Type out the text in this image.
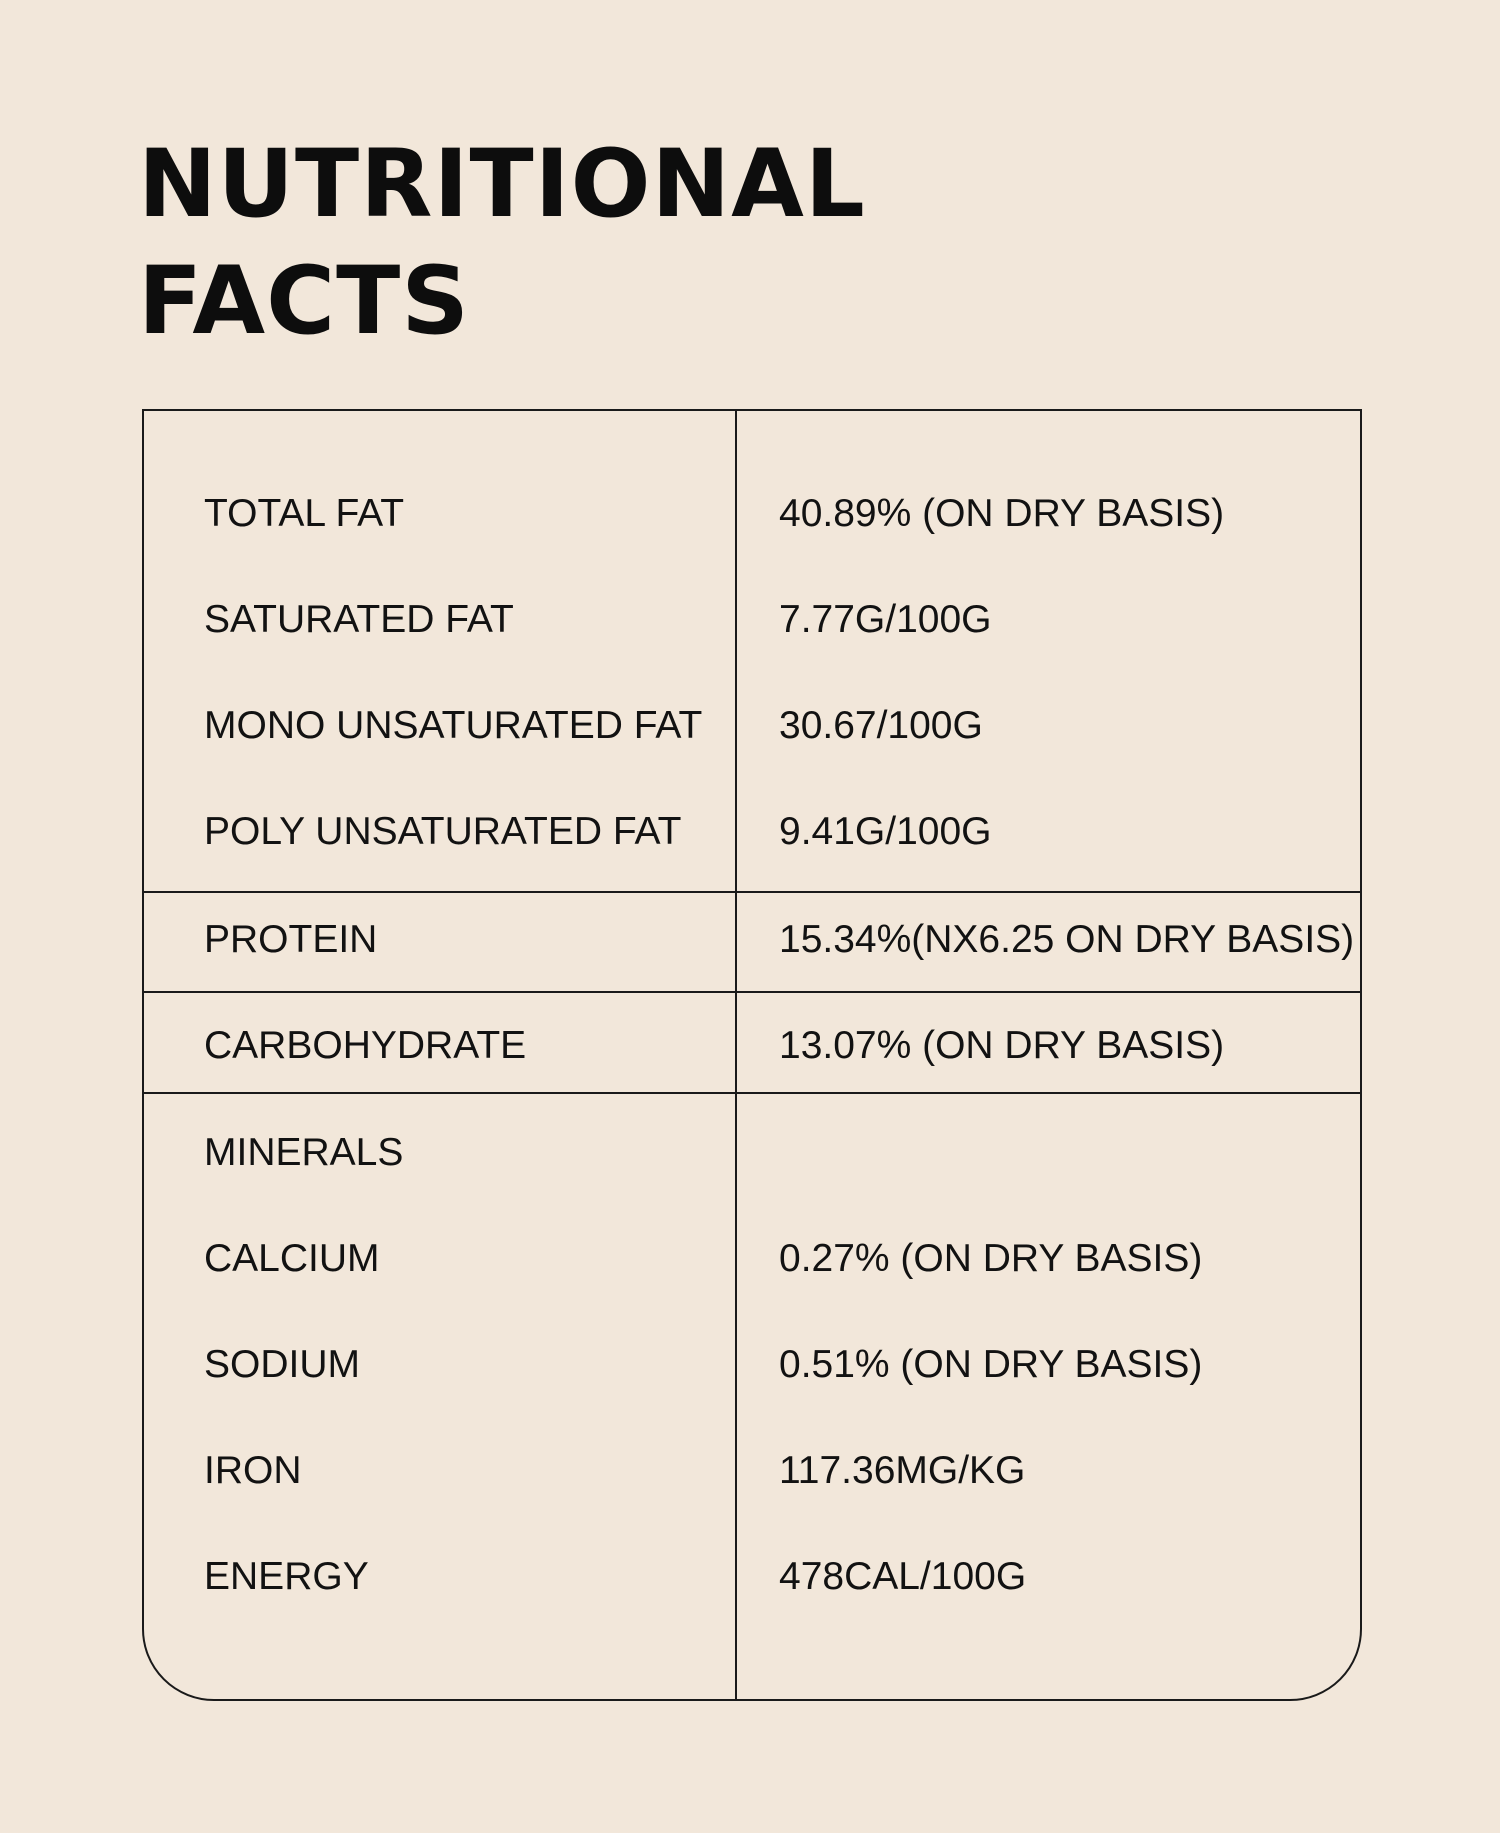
NUTRITIONAL
FACTS
TOTAL FAT	40.89% (ON DRY BASIS)
SATURATED FAT	7.77G/100G
MONO UNSATURATED FAT 30.67/100G
POLY UNSATURATED FAT	9.41G/100G
PROTEIN	15.34%(NX6.25 ON DRY BASIS)
CARBOHYDRATE	13.07% (ON DRY BASIS)
MINERALS
CALCIUM	0.27% (ON DRY BASIS)
SODIUM	0.51% (ON DRY BASIS)
IRON	117.36MG/KG
ENERGY	478CAL/100G
